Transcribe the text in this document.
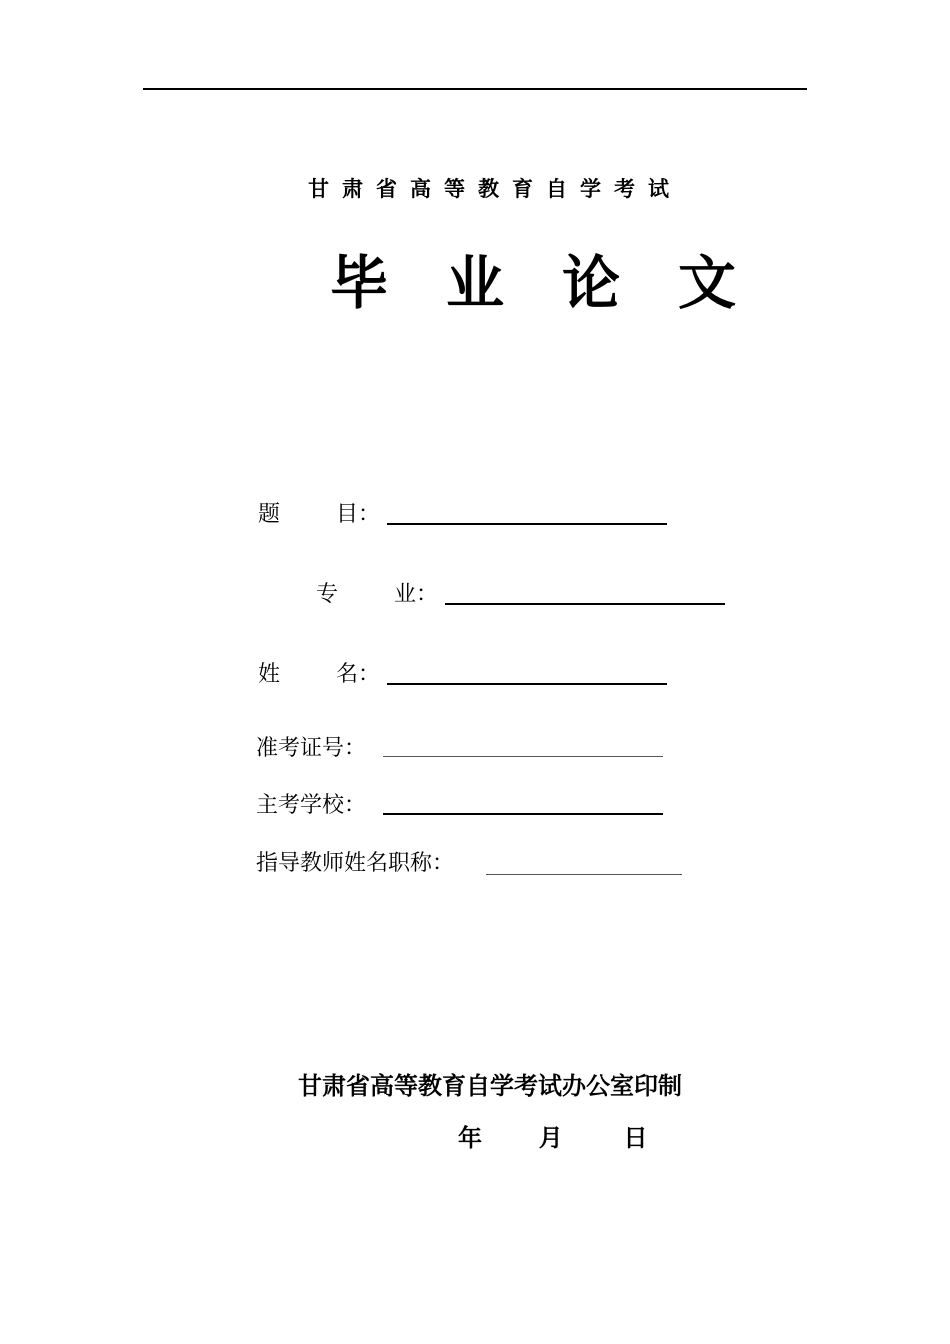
甘肃省高等教育自学考试
毕业论文
题	目：
专	业：
姓	名：
准考证号：
主考学校：
指导教师姓名职称：
甘肃省高等教育自学考试办公室印制
年 月	日
